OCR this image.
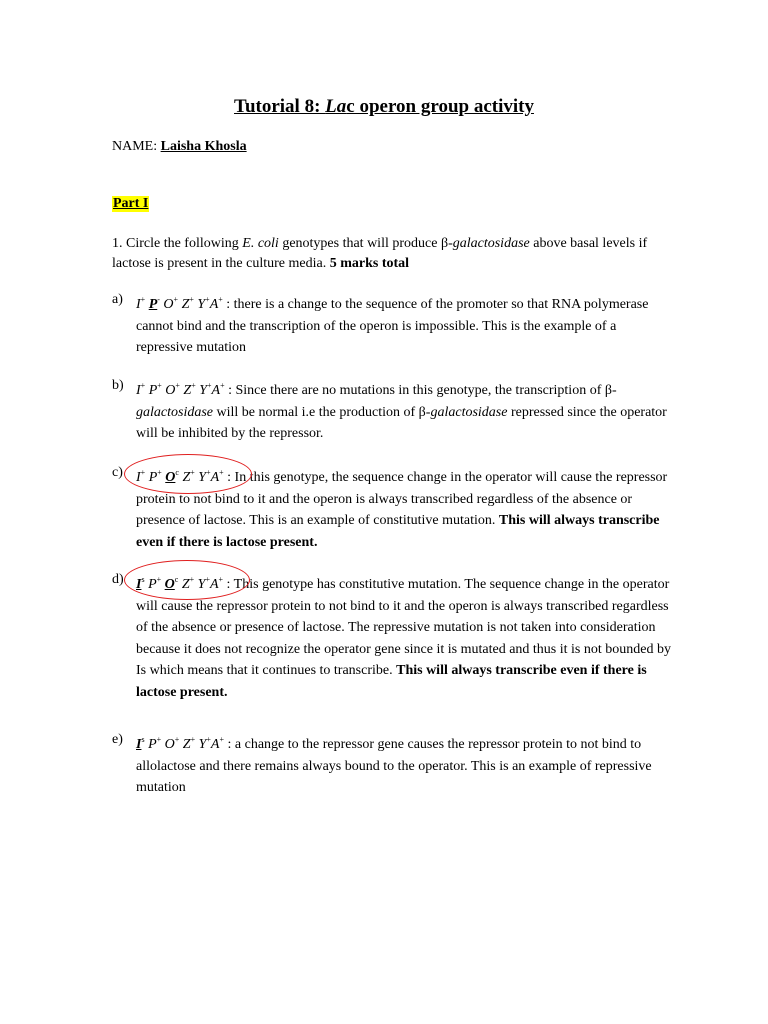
Tutorial 8: Lac operon group activity
NAME: Laisha Khosla
Part I
1. Circle the following E. coli genotypes that will produce β-galactosidase above basal levels if lactose is present in the culture media. 5 marks total
a) I+ P- O+ Z+ Y+A+ : there is a change to the sequence of the promoter so that RNA polymerase cannot bind and the transcription of the operon is impossible. This is the example of a repressive mutation
b) I+ P+ O+ Z+ Y+A+ : Since there are no mutations in this genotype, the transcription of β-galactosidase will be normal i.e the production of β-galactosidase repressed since the operator will be inhibited by the repressor.
c) I+ P+ $O^c$ Z+ Y+A+ : In this genotype, the sequence change in the operator will cause the repressor protein to not bind to it and the operon is always transcribed regardless of the absence or presence of lactose. This is an example of constitutive mutation. This will always transcribe even if there is lactose present.
d) $I^s$ P+ $O^c$ Z+ Y+A+ : This genotype has constitutive mutation. The sequence change in the operator will cause the repressor protein to not bind to it and the operon is always transcribed regardless of the absence or presence of lactose. The repressive mutation is not taken into consideration because it does not recognize the operator gene since it is mutated and thus it is not bounded by Is which means that it continues to transcribe. This will always transcribe even if there is lactose present.
e) $I^s$ P+ O+ Z+ Y+A+ : a change to the repressor gene causes the repressor protein to not bind to allolactose and there remains always bound to the operator. This is an example of repressive mutation
